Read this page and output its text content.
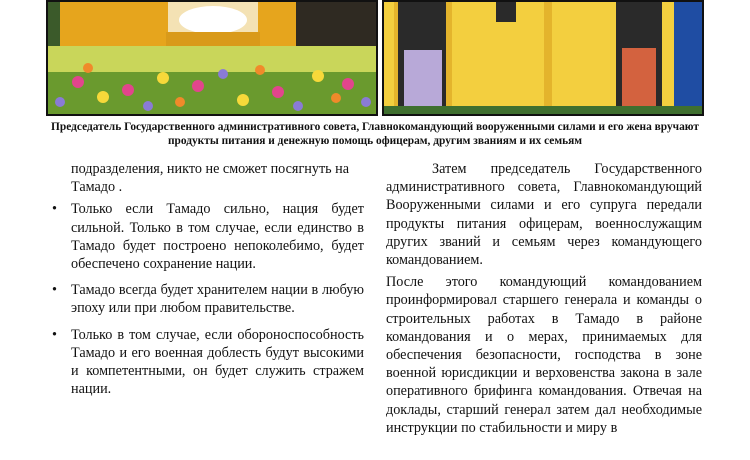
Председатель Государственного административного совета, Главнокомандующий вооруженными силами и его жена вручают продукты питания и денежную помощь офицерам, другим званиям и их семьям

подразделения, никто не сможет посягнуть на Тамадо .

• Только если Тамадо сильно, нация будет сильной. Только в том случае, если единство в Тамадо будет построено непоколебимо, будет обеспечено сохранение нации.
• Тамадо всегда будет хранителем нации в любую эпоху или при любом правительстве.
• Только в том случае, если обороноспособность Тамадо и его военная доблесть будут высокими и компетентными, он будет служить стражем нации.

Затем председатель Государственного административного совета, Главнокомандующий Вооруженными силами и его супруга передали продукты питания офицерам, военнослужащим других званий и семьям через командующего командованием.

После этого командующий командованием проинформировал старшего генерала и команды о строительных работах в Тамадо в районе командования и о мерах, принимаемых для обеспечения безопасности, господства в зоне военной юрисдикции и верховенства закона в зале оперативного брифинга командования. Отвечая на доклады, старший генерал затем дал необходимые инструкции по стабильности и миру в
